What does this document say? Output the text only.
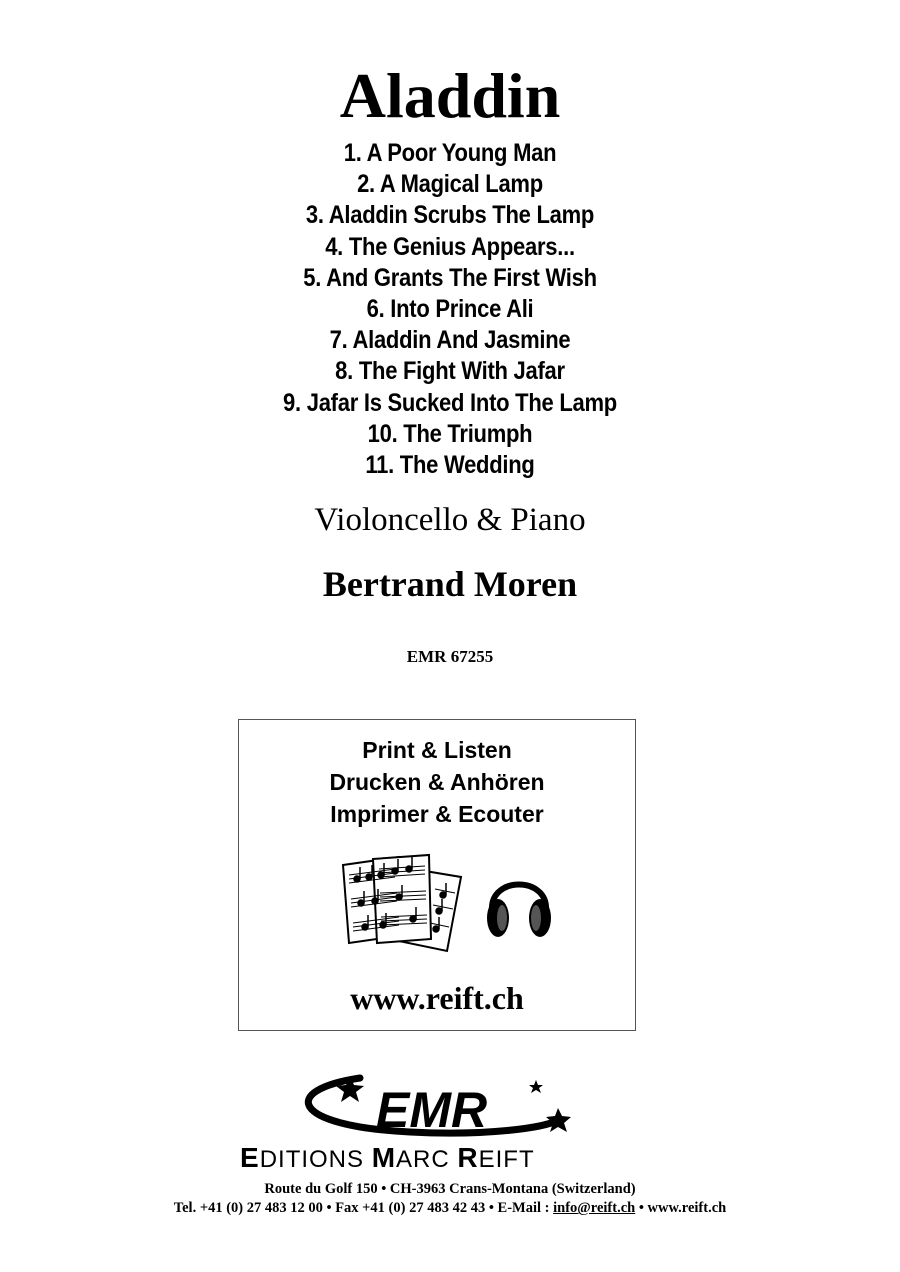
Aladdin
1. A Poor Young Man
2. A Magical Lamp
3. Aladdin Scrubs The Lamp
4. The Genius Appears...
5. And Grants The First Wish
6. Into Prince Ali
7. Aladdin And Jasmine
8. The Fight With Jafar
9. Jafar Is Sucked Into The Lamp
10. The Triumph
11. The Wedding
Violoncello & Piano
Bertrand Moren
EMR 67255
Print & Listen
Drucken & Anhören
Imprimer & Ecouter
www.reift.ch
EMR
EDITIONS MARC REIFT
Route du Golf 150 • CH-3963 Crans-Montana (Switzerland)
Tel. +41 (0) 27 483 12 00 • Fax +41 (0) 27 483 42 43 • E-Mail : info@reift.ch • www.reift.ch
